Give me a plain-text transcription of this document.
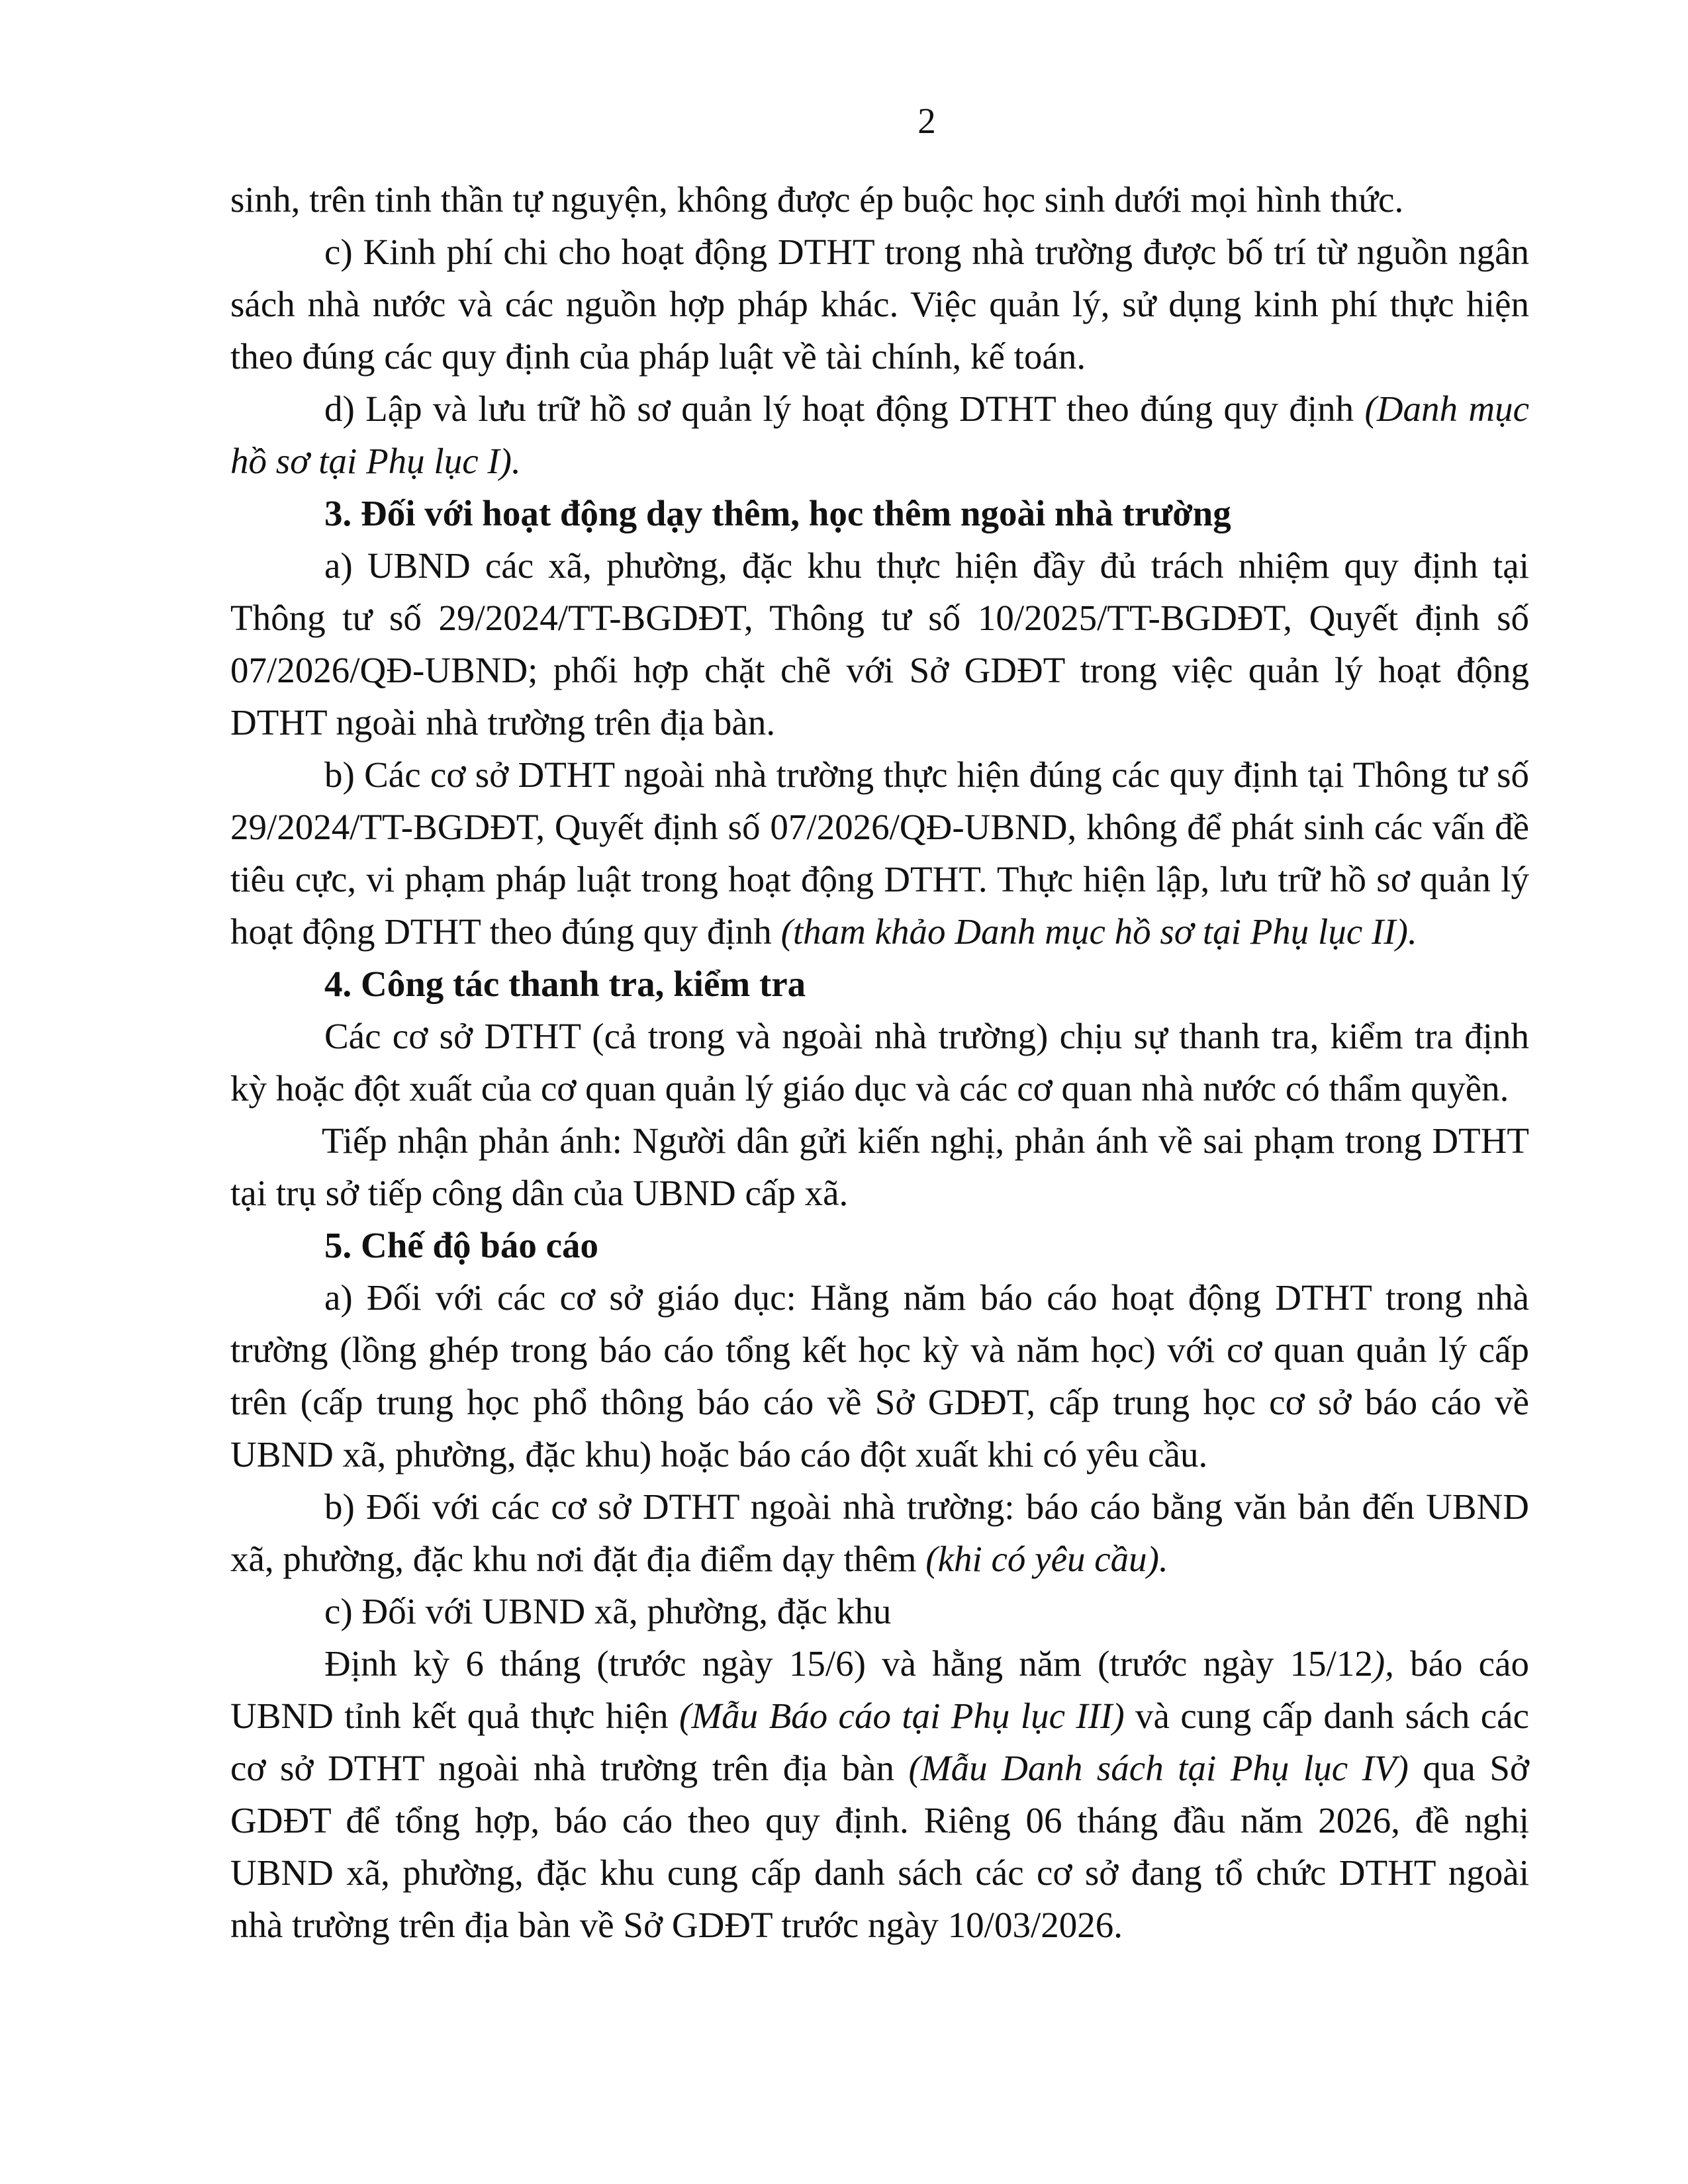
2

sinh, trên tinh thần tự nguyện, không được ép buộc học sinh dưới mọi hình thức.

c) Kinh phí chi cho hoạt động DTHT trong nhà trường được bố trí từ nguồn ngân sách nhà nước và các nguồn hợp pháp khác. Việc quản lý, sử dụng kinh phí thực hiện theo đúng các quy định của pháp luật về tài chính, kế toán.

d) Lập và lưu trữ hồ sơ quản lý hoạt động DTHT theo đúng quy định (Danh mục hồ sơ tại Phụ lục I).

3. Đối với hoạt động dạy thêm, học thêm ngoài nhà trường

a) UBND các xã, phường, đặc khu thực hiện đầy đủ trách nhiệm quy định tại Thông tư số 29/2024/TT-BGDĐT, Thông tư số 10/2025/TT-BGDĐT, Quyết định số 07/2026/QĐ-UBND; phối hợp chặt chẽ với Sở GDĐT trong việc quản lý hoạt động DTHT ngoài nhà trường trên địa bàn.

b) Các cơ sở DTHT ngoài nhà trường thực hiện đúng các quy định tại Thông tư số 29/2024/TT-BGDĐT, Quyết định số 07/2026/QĐ-UBND, không để phát sinh các vấn đề tiêu cực, vi phạm pháp luật trong hoạt động DTHT. Thực hiện lập, lưu trữ hồ sơ quản lý hoạt động DTHT theo đúng quy định (tham khảo Danh mục hồ sơ tại Phụ lục II).

4. Công tác thanh tra, kiểm tra

Các cơ sở DTHT (cả trong và ngoài nhà trường) chịu sự thanh tra, kiểm tra định kỳ hoặc đột xuất của cơ quan quản lý giáo dục và các cơ quan nhà nước có thẩm quyền.

Tiếp nhận phản ánh: Người dân gửi kiến nghị, phản ánh về sai phạm trong DTHT tại trụ sở tiếp công dân của UBND cấp xã.

5. Chế độ báo cáo

a) Đối với các cơ sở giáo dục: Hằng năm báo cáo hoạt động DTHT trong nhà trường (lồng ghép trong báo cáo tổng kết học kỳ và năm học) với cơ quan quản lý cấp trên (cấp trung học phổ thông báo cáo về Sở GDĐT, cấp trung học cơ sở báo cáo về UBND xã, phường, đặc khu) hoặc báo cáo đột xuất khi có yêu cầu.

b) Đối với các cơ sở DTHT ngoài nhà trường: báo cáo bằng văn bản đến UBND xã, phường, đặc khu nơi đặt địa điểm dạy thêm (khi có yêu cầu).

c) Đối với UBND xã, phường, đặc khu

Định kỳ 6 tháng (trước ngày 15/6) và hằng năm (trước ngày 15/12), báo cáo UBND tỉnh kết quả thực hiện (Mẫu Báo cáo tại Phụ lục III) và cung cấp danh sách các cơ sở DTHT ngoài nhà trường trên địa bàn (Mẫu Danh sách tại Phụ lục IV) qua Sở GDĐT để tổng hợp, báo cáo theo quy định. Riêng 06 tháng đầu năm 2026, đề nghị UBND xã, phường, đặc khu cung cấp danh sách các cơ sở đang tổ chức DTHT ngoài nhà trường trên địa bàn về Sở GDĐT trước ngày 10/03/2026.
